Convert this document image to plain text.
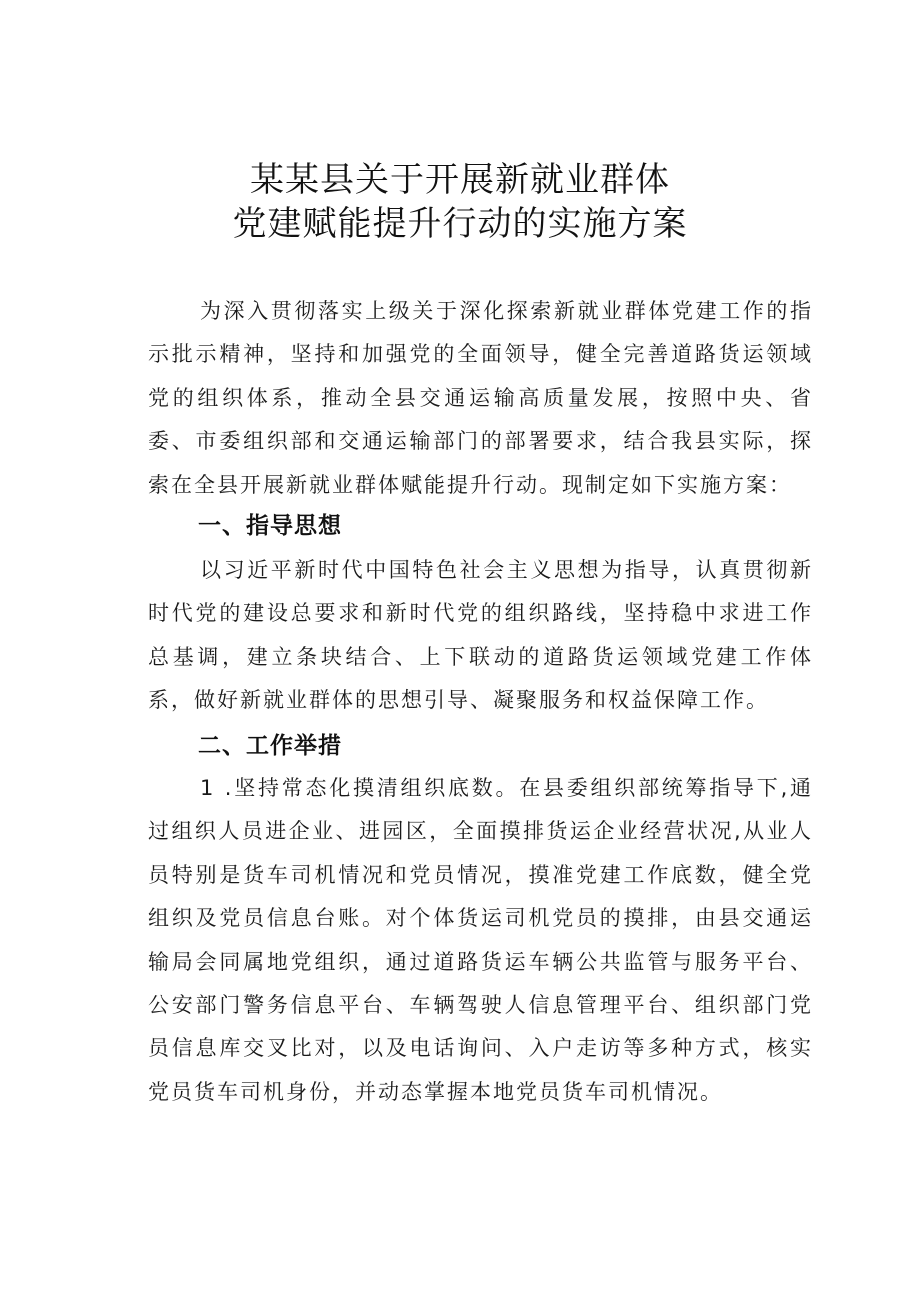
某某县关于开展新就业群体
党建赋能提升行动的实施方案

为深入贯彻落实上级关于深化探索新就业群体党建工作的指示批示精神，坚持和加强党的全面领导，健全完善道路货运领域党的组织体系，推动全县交通运输高质量发展，按照中央、省委、市委组织部和交通运输部门的部署要求，结合我县实际，探索在全县开展新就业群体赋能提升行动。现制定如下实施方案：

一、指导思想

以习近平新时代中国特色社会主义思想为指导，认真贯彻新时代党的建设总要求和新时代党的组织路线，坚持稳中求进工作总基调，建立条块结合、上下联动的道路货运领域党建工作体系，做好新就业群体的思想引导、凝聚服务和权益保障工作。

二、工作举措

1 .坚持常态化摸清组织底数。在县委组织部统筹指导下,通过组织人员进企业、进园区，全面摸排货运企业经营状况,从业人员特别是货车司机情况和党员情况，摸准党建工作底数，健全党组织及党员信息台账。对个体货运司机党员的摸排，由县交通运输局会同属地党组织，通过道路货运车辆公共监管与服务平台、公安部门警务信息平台、车辆驾驶人信息管理平台、组织部门党员信息库交叉比对，以及电话询问、入户走访等多种方式，核实党员货车司机身份，并动态掌握本地党员货车司机情况。
